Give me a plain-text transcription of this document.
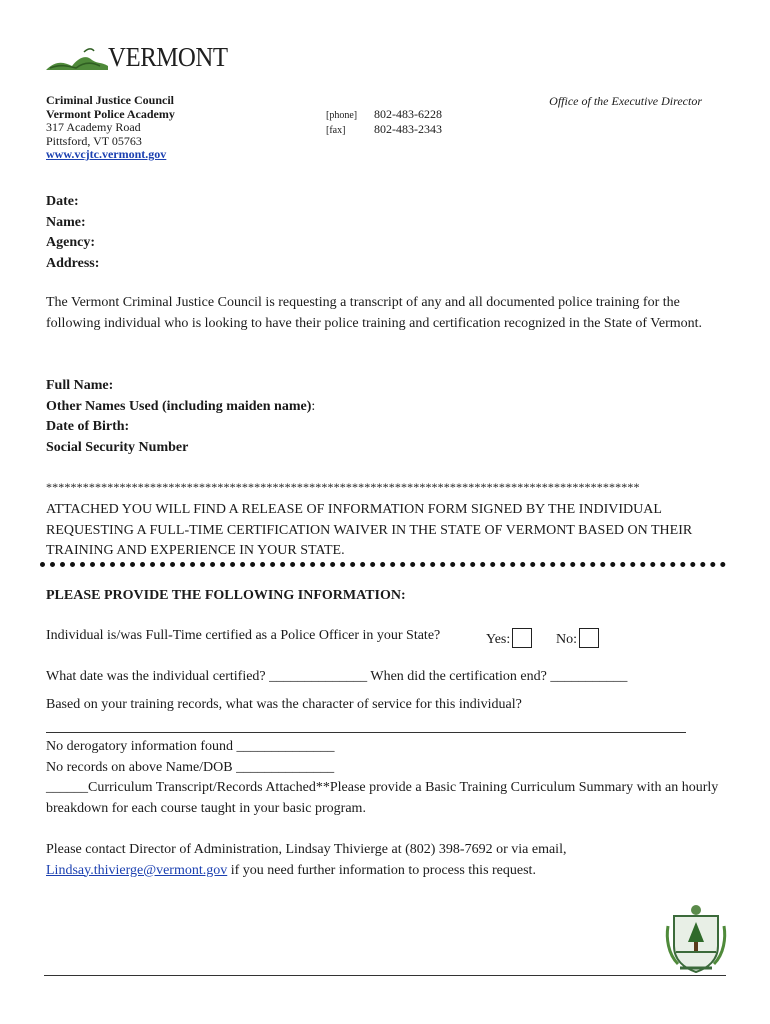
VERMONT
Criminal Justice Council
Vermont Police Academy
317 Academy Road
Pittsford, VT 05763
www.vcjtc.vermont.gov
[phone]	802-483-6228
[fax]	802-483-2343
Office of the Executive Director
Date:
Name:
Agency:
Address:
The Vermont Criminal Justice Council is requesting a transcript of any and all documented police training for the following individual who is looking to have their police training and certification recognized in the State of Vermont.
Full Name:
Other Names Used (including maiden name):
Date of Birth:
Social Security Number
*************************************************************************************************
ATTACHED YOU WILL FIND A RELEASE OF INFORMATION FORM SIGNED BY THE INDIVIDUAL REQUESTING A FULL-TIME CERTIFICATION WAIVER IN THE STATE OF VERMONT BASED ON THEIR TRAINING AND EXPERIENCE IN YOUR STATE.
PLEASE PROVIDE THE FOLLOWING INFORMATION:
Individual is/was Full-Time certified as a Police Officer in your State?	Yes:	No:
What date was the individual certified? ______________ When did the certification end? ___________
Based on your training records, what was the character of service for this individual?
No derogatory information found ______________
No records on above Name/DOB ______________
______Curriculum Transcript/Records Attached**Please provide a Basic Training Curriculum Summary with an hourly breakdown for each course taught in your basic program.
Please contact Director of Administration, Lindsay Thivierge at (802) 398-7692 or via email,
Lindsay.thivierge@vermont.gov if you need further information to process this request.
